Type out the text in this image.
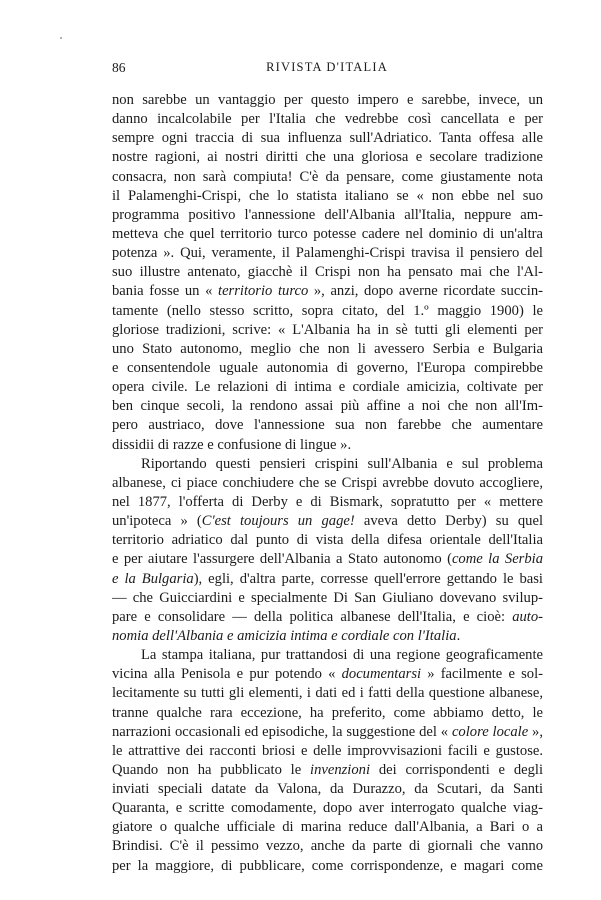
86	RIVISTA D'ITALIA
non sarebbe un vantaggio per questo impero e sarebbe, invece, un
danno incalcolabile per l'Italia che vedrebbe così cancellata e per
sempre ogni traccia di sua influenza sull'Adriatico. Tanta offesa alle
nostre ragioni, ai nostri diritti che una gloriosa e secolare tradizione
consacra, non sarà compiuta! C'è da pensare, come giustamente nota
il Palamenghi-Crispi, che lo statista italiano se « non ebbe nel suo
programma positivo l'annessione dell'Albania all'Italia, neppure am-
metteva che quel territorio turco potesse cadere nel dominio di un'altra
potenza ». Qui, veramente, il Palamenghi-Crispi travisa il pensiero del
suo illustre antenato, giacchè il Crispi non ha pensato mai che l'Al-
bania fosse un « territorio turco », anzi, dopo averne ricordate succin-
tamente (nello stesso scritto, sopra citato, del 1.º maggio 1900) le
gloriose tradizioni, scrive: « L'Albania ha in sè tutti gli elementi per
uno Stato autonomo, meglio che non li avessero Serbia e Bulgaria
e consentendole uguale autonomia di governo, l'Europa compirebbe
opera civile. Le relazioni di intima e cordiale amicizia, coltivate per
ben cinque secoli, la rendono assai più affine a noi che non all'Im-
pero austriaco, dove l'annessione sua non farebbe che aumentare
dissidii di razze e confusione di lingue ».
Riportando questi pensieri crispini sull'Albania e sul problema
albanese, ci piace conchiudere che se Crispi avrebbe dovuto accogliere,
nel 1877, l'offerta di Derby e di Bismark, sopratutto per « mettere
un'ipoteca » (C'est toujours un gage! aveva detto Derby) su quel
territorio adriatico dal punto di vista della difesa orientale dell'Italia
e per aiutare l'assurgere dell'Albania a Stato autonomo (come la Serbia
e la Bulgaria), egli, d'altra parte, corresse quell'errore gettando le basi
— che Guicciardini e specialmente Di San Giuliano dovevano svilup-
pare e consolidare — della politica albanese dell'Italia, e cioè: auto-
nomia dell'Albania e amicizia intima e cordiale con l'Italia.
La stampa italiana, pur trattandosi di una regione geograficamente
vicina alla Penisola e pur potendo « documentarsi » facilmente e sol-
lecitamente su tutti gli elementi, i dati ed i fatti della questione albanese,
tranne qualche rara eccezione, ha preferito, come abbiamo detto, le
narrazioni occasionali ed episodiche, la suggestione del « colore locale »,
le attrattive dei racconti briosi e delle improvvisazioni facili e gustose.
Quando non ha pubblicato le invenzioni dei corrispondenti e degli
inviati speciali datate da Valona, da Durazzo, da Scutari, da Santi
Quaranta, e scritte comodamente, dopo aver interrogato qualche viag-
giatore o qualche ufficiale di marina reduce dall'Albania, a Bari o a
Brindisi. C'è il pessimo vezzo, anche da parte di giornali che vanno
per la maggiore, di pubblicare, come corrispondenze, e magari come
